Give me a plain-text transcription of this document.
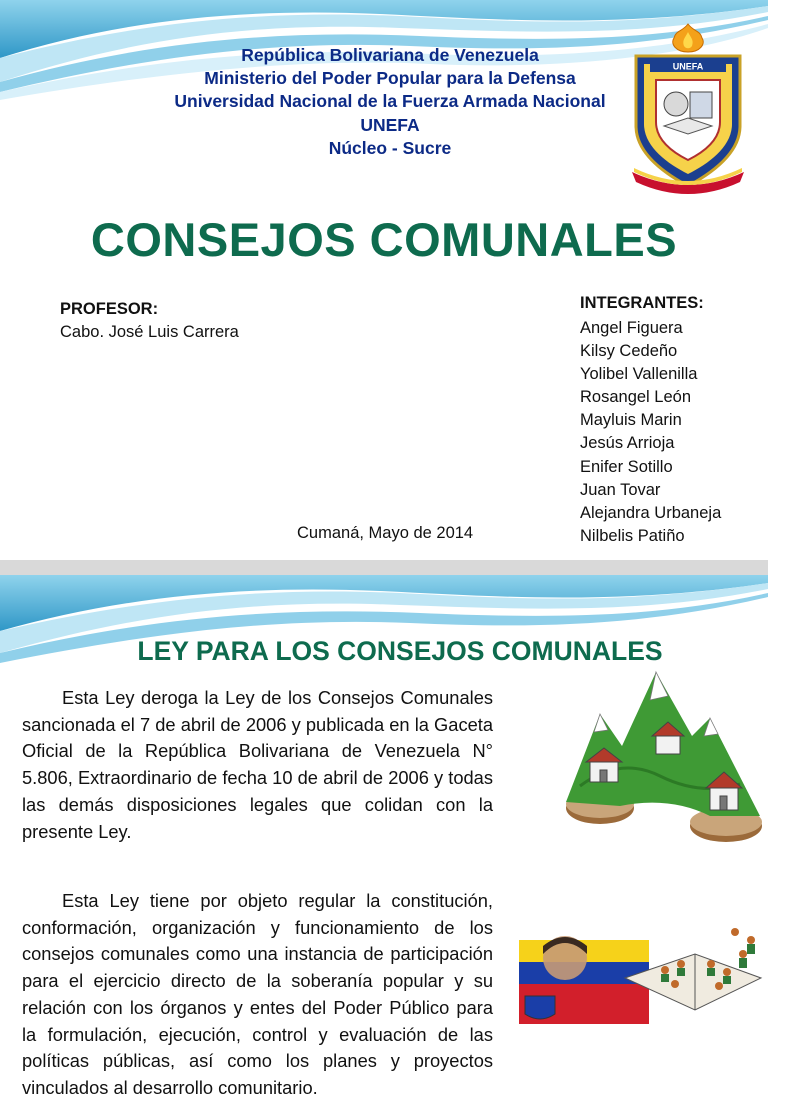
República Bolivariana de Venezuela
Ministerio del Poder Popular para la Defensa
Universidad Nacional de la Fuerza Armada Nacional
UNEFA
Núcleo - Sucre
UNEFA
CONSEJOS COMUNALES
PROFESOR:
Cabo. José Luis Carrera
INTEGRANTES:
Angel Figuera
Kilsy Cedeño
Yolibel Vallenilla
Rosangel León
Mayluis Marin
Jesús Arrioja
Enifer Sotillo
Juan Tovar
Alejandra Urbaneja
Nilbelis Patiño
Cumaná, Mayo de 2014
LEY PARA LOS CONSEJOS COMUNALES

Esta Ley deroga la Ley de los Consejos Comunales sancionada el 7 de abril de 2006 y publicada en la Gaceta Oficial de la República Bolivariana de Venezuela N° 5.806, Extraordinario de fecha 10 de abril de 2006 y todas las demás disposiciones legales que colidan con la presente Ley.

Esta Ley tiene por objeto regular la constitución, conformación, organización y funcionamiento de los consejos comunales como una instancia de participación para el ejercicio directo de la soberanía popular y su relación con los órganos y entes del Poder Público para la formulación, ejecución, control y evaluación de las políticas públicas, así como los planes y proyectos vinculados al desarrollo comunitario.
